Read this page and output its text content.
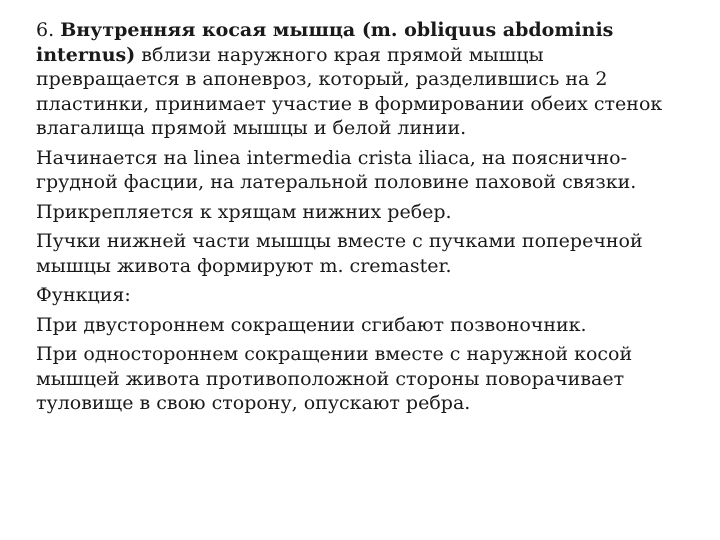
6. Внутренняя косая мышца (m. obliquus abdominis internus) вблизи наружного края прямой мышцы превращается в апоневроз, который, разделившись на 2 пластинки, принимает участие в формировании обеих стенок влагалища прямой мышцы и белой линии.

Начинается на linea intermedia crista iliaca, на пояснично-грудной фасции, на латеральной половине паховой связки.

Прикрепляется к хрящам нижних ребер.

Пучки нижней части мышцы вместе с пучками поперечной мышцы живота формируют m. cremaster.

Функция:

При двустороннем сокращении сгибают позвоночник.

При одностороннем сокращении вместе с наружной косой мышцей живота противоположной стороны поворачивает туловище в свою сторону, опускают ребра.
